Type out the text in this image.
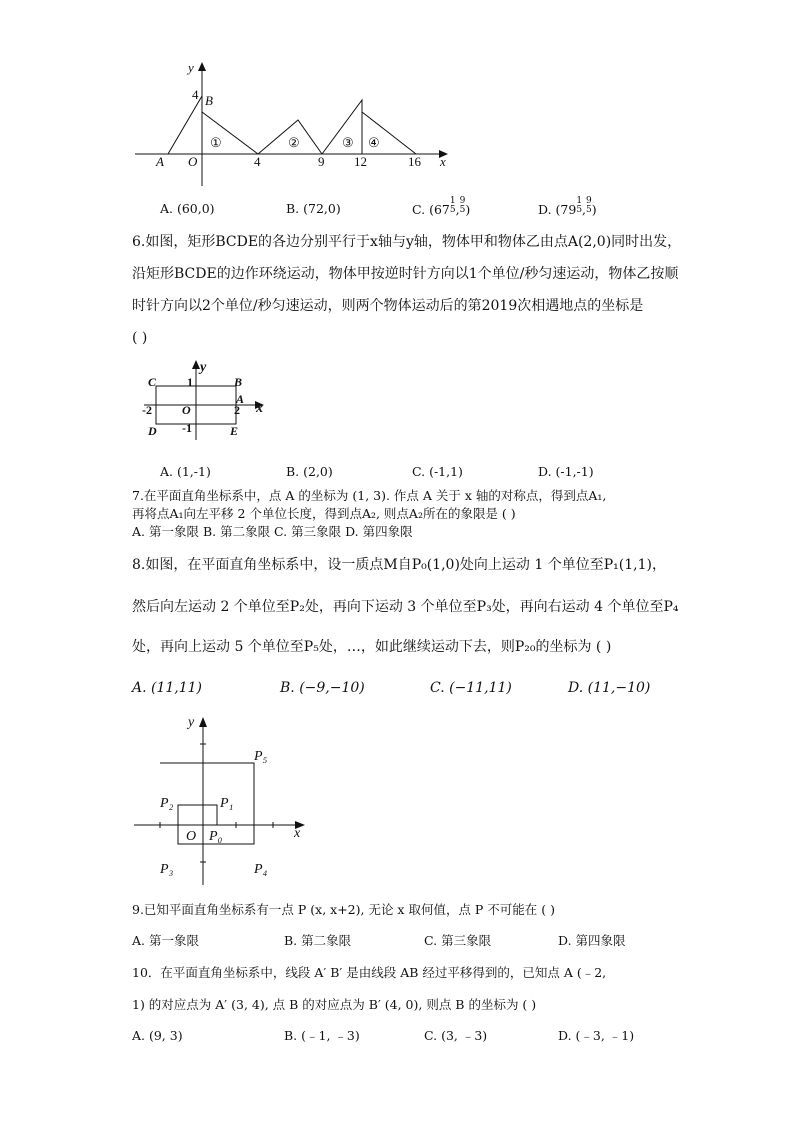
y
x
4 B
A O	4	9 12	16
①	②	③ ④
A. (60,0)	B. (72,0)	C. (671
5,9
5)	D. (791
5,9
5)
6.如图，矩形BCDE的各边分别平行于x轴与y轴，物体甲和物体乙由点A(2,0)同时出发，
沿矩形BCDE的边作环绕运动，物体甲按逆时针方向以1个单位/秒匀速运动，物体乙按顺
时针方向以2个单位/秒匀速运动，则两个物体运动后的第2019次相遇地点的坐标是
( )
y
x
C	1	B
A
-2	O	2
D -1	E
A. (1,-1)	B. (2,0)	C. (-1,1)	D. (-1,-1)
7.在平面直角坐标系中，点 A 的坐标为 (1, 3). 作点 A 关于 x 轴的对称点，得到点A₁,
再将点A₁向左平移 2 个单位长度，得到点A₂, 则点A₂所在的象限是 ( )
A. 第一象限 B. 第二象限 C. 第三象限 D. 第四象限
8.如图，在平面直角坐标系中，设一质点M自P₀(1,0)处向上运动 1 个单位至P₁(1,1)，
然后向左运动 2 个单位至P₂处，再向下运动 3 个单位至P₃处，再向右运动 4 个单位至P₄
处，再向上运动 5 个单位至P₅处，…，如此继续运动下去，则P₂₀的坐标为 ( )
A. (11,11)	B. (−9,−10)	C. (−11,11)	D. (11,−10)
y
x
O P₀
P₁
P₂
P₃	P₄
P₅
9.已知平面直角坐标系有一点 P (x, x+2), 无论 x 取何值，点 P 不可能在 ( )
A. 第一象限	B. 第二象限	C. 第三象限	D. 第四象限
10．在平面直角坐标系中，线段 A′ B′ 是由线段 AB 经过平移得到的，已知点 A (﹣2,
1) 的对应点为 A′ (3, 4), 点 B 的对应点为 B′ (4, 0), 则点 B 的坐标为 ( )
A. (9, 3)	B. (﹣1, ﹣3)	C. (3, ﹣3)	D. (﹣3, ﹣1)
